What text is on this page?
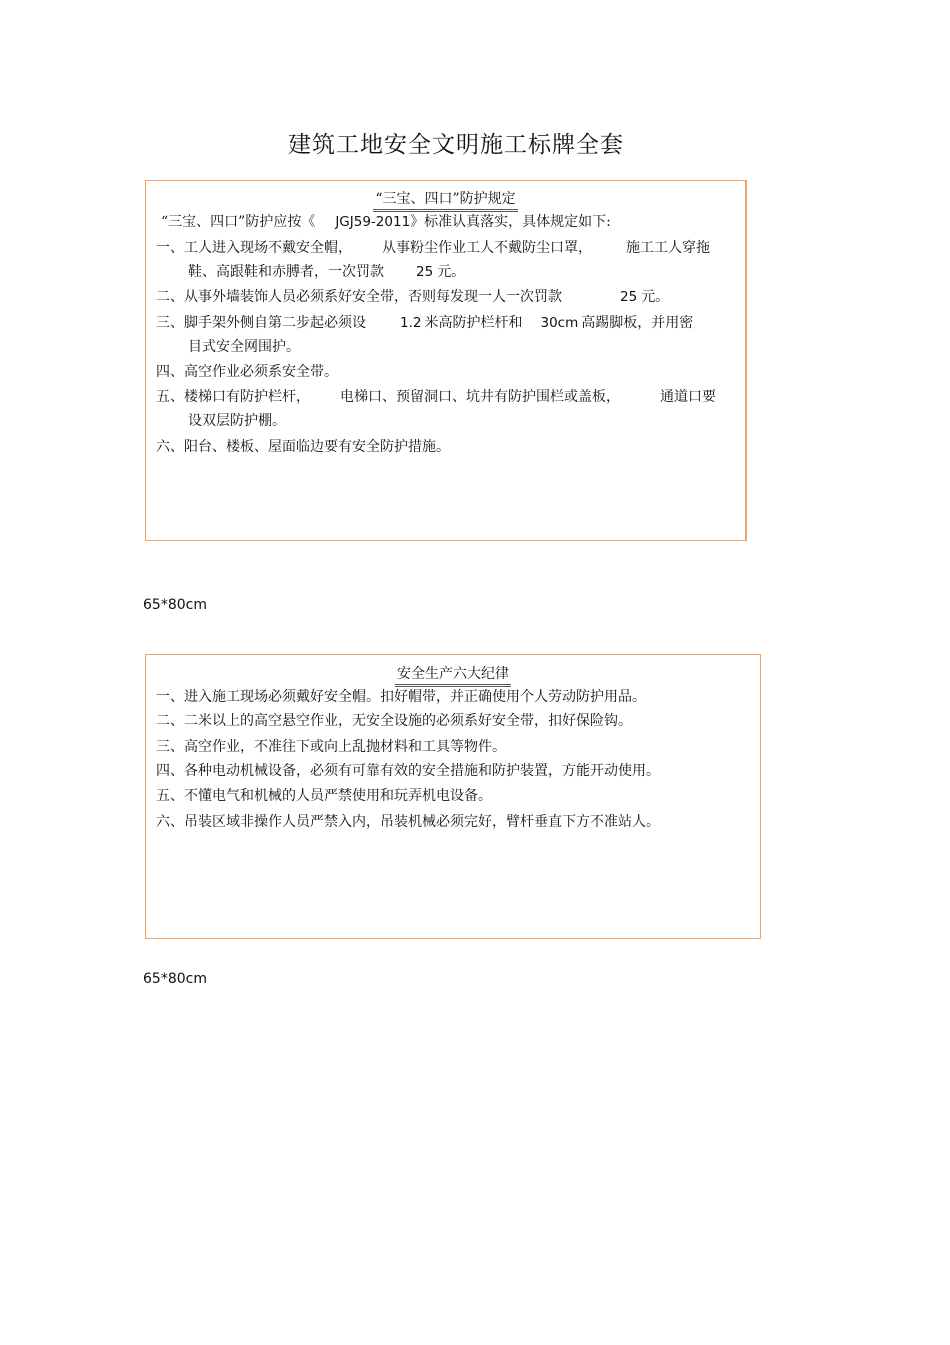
建筑工地安全文明施工标牌全套
“三宝、四口”防护规定
“三宝、四口”防护应按《 JGJ59-2011》标准认真落实，具体规定如下:
一、工人进入现场不戴安全帽， 从事粉尘作业工人不戴防尘口罩， 施工工人穿拖
鞋、高跟鞋和赤膊者，一次罚款 25 元。
二、从事外墙装饰人员必须系好安全带，否则每发现一人一次罚款	25 元。
三、脚手架外侧自第二步起必须设	1.2 米高防护栏杆和 30cm 高踢脚板，并用密
目式安全网围护。
四、高空作业必须系安全带。
五、楼梯口有防护栏杆， 电梯口、预留洞口、坑井有防护围栏或盖板，	通道口要
设双层防护棚。
六、阳台、楼板、屋面临边要有安全防护措施。
65*80cm
安全生产六大纪律
一、进入施工现场必须戴好安全帽。扣好帽带，并正确使用个人劳动防护用品。
二、二米以上的高空悬空作业，无安全设施的必须系好安全带，扣好保险钩。
三、高空作业，不准往下或向上乱抛材料和工具等物件。
四、各种电动机械设备，必须有可靠有效的安全措施和防护装置，方能开动使用。
五、不懂电气和机械的人员严禁使用和玩弄机电设备。
六、吊装区域非操作人员严禁入内，吊装机械必须完好，臂杆垂直下方不准站人。
65*80cm
